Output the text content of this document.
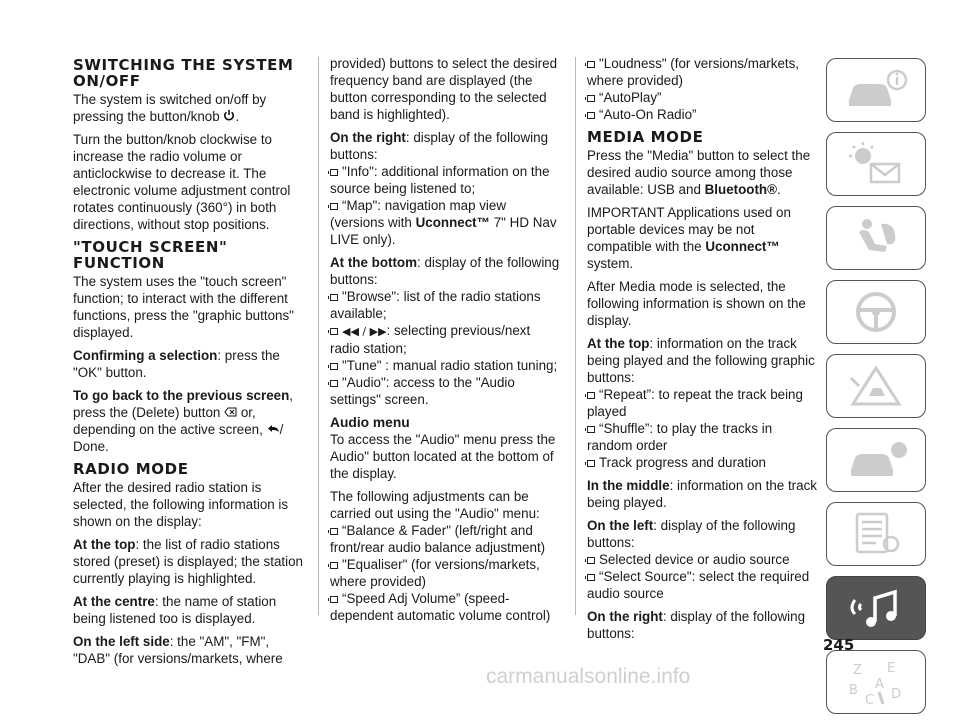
SWITCHING THE SYSTEM ON/OFF

The system is switched on/off by pressing the button/knob .

Turn the button/knob clockwise to increase the radio volume or anticlockwise to decrease it. The electronic volume adjustment control rotates continuously (360°) in both directions, without stop positions.

"TOUCH SCREEN" FUNCTION

The system uses the "touch screen" function; to interact with the different functions, press the "graphic buttons" displayed.

Confirming a selection: press the "OK" button.

To go back to the previous screen, press the (Delete) button or, depending on the active screen, / Done.

RADIO MODE

After the desired radio station is selected, the following information is shown on the display:

At the top: the list of radio stations stored (preset) is displayed; the station currently playing is highlighted.

At the centre: the name of station being listened too is displayed.

On the left side: the "AM", "FM", "DAB" (for versions/markets, where

provided) buttons to select the desired frequency band are displayed (the button corresponding to the selected band is highlighted).

On the right: display of the following buttons:

"Info": additional information on the source being listened to;
“Map": navigation map view (versions with Uconnect™ 7" HD Nav LIVE only).

At the bottom: display of the following buttons:

"Browse": list of the radio stations available;
◀◀ / ▶▶: selecting previous/next radio station;
"Tune" : manual radio station tuning;
"Audio": access to the "Audio settings" screen.
Audio menu

To access the "Audio" menu press the Audio" button located at the bottom of the display.

The following adjustments can be carried out using the "Audio" menu:

“Balance & Fader" (left/right and front/rear audio balance adjustment)
"Equaliser" (for versions/markets, where provided)
“Speed Adj Volume” (speed-dependent automatic volume control)
"Loudness" (for versions/markets, where provided)
“AutoPlay”
“Auto-On Radio”
MEDIA MODE

Press the "Media" button to select the desired audio source among those available: USB and Bluetooth®.

IMPORTANT Applications used on portable devices may be not compatible with the Uconnect™ system.

After Media mode is selected, the following information is shown on the display.

At the top: information on the track being played and the following graphic buttons:

“Repeat”: to repeat the track being played
“Shuffle”: to play the tracks in random order
Track progress and duration

In the middle: information on the track being played.

On the left: display of the following buttons:

Selected device or audio source
“Select Source": select the required audio source

On the right: display of the following buttons:

Z E
B A
C D
245
carmanualsonline.info
